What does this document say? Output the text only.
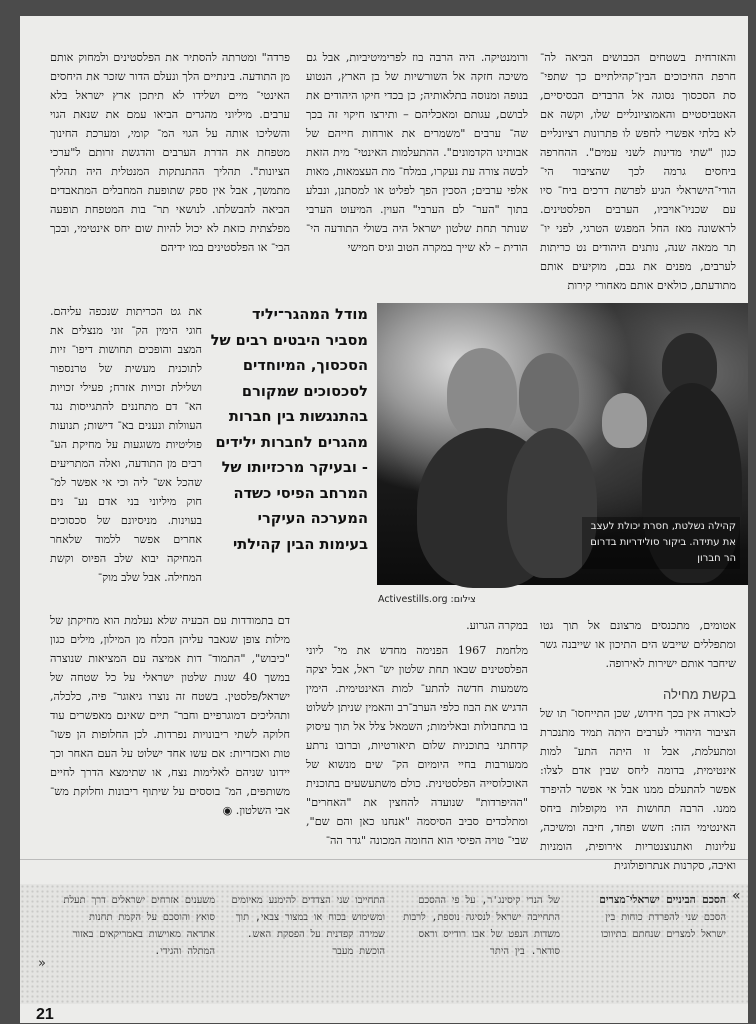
והאזרחית בשטחים הכבושים הביאה לה־ חרפת החיכוכים הבין־קהילתיים כך שתפי־ סת הסכסוך נסוגה אל הרבדים הבסיסיים, האטביסטיים והאמוציונליים שלו, וקשה אם לא בלתי אפשרי לחפש לו פתרונות רציונליים כגון "שתי מדינות לשני עמים". ההחרפה ביחסים גרמה לכך שהציבור הי־ הודי־הישראלי הגיע לפרשת דרכים ביח־ סיו עם שכניו־אויביו, הערבים הפלסטינים. לראשונה מאז החל המפגש הטרגי, לפני יו־ תר ממאה שנה, נותנים היהודים נט כריתות לערבים, מפנים את גבם, מוקיעים אותם מתודעתם, כולאים אותם מאחורי קירות

ורומנטיקה. היה הרבה בוז לפרימיטיביות, אבל גם משיכה חזקה אל השורשיות של בן הארץ, הנטוע בנופה ומנוסה בתלאותיה; כן בכדי חיקו היהודים את לבושם, עגותם ומאכליהם – ותירצו חיקוי זה בכך שה־ ערבים "משמרים את אורחות חייהם של אבותינו הקדמונים". ההתעלמות האינטי־ מית הזאת לבשה צורה עת נעקרו, במלח־ מת העצמאות, מאות אלפי ערבים; הסכין הפך לפליט או למסתנן, ונבלע בתוך "הער־ לם הערבי" העוין. המיעוט הערבי שנותר תחת שלטון ישראל היה בשולי התודעה הי־ הודית – לא שייך במקרה הטוב וגיס חמישי

פרדה" ומטרתה להסתיר את הפלסטינים ולמחוק אותם מן התודעה. בינתיים הלך ונעלם הדור שזכר את היחסים האינטי־ מיים ושלידו לא תיתכן ארץ ישראל בלא ערבים. מיליוני מהגרים הביאו עמם את שנאת הגוי והשליכו אותה על הגוי המ־ קומי, ומערכת החינוך מטפחת את הדרת הערבים והדגשת זרותם ל"ערכי הציונות". תהליך ההתנתקות המנטלית היה תהליך מתמשך, אבל אין ספק שתופעת המחבלים המתאבדים הביאה להבשלתו. לנושאי תר־ בות המטפחת תופעה מפלצתית כזאת לא יכול להיות שום יחס אינטימי, ובכך הבי־ או הפלסטינים במו ידיהם

את גט הכריתות שנכפה עליהם. חוגי הימין הק־ זוני מנצלים את המצב והופכים תחושות דיפו־ זיות לתוכנית מעשית של טרנספור ושלילת זכויות אזרח; פעילי זכויות הא־ דם מתחננים להתגייסות נגד העוולות ונענים בא־ דישות; תנועות פוליטיות משוגעות על מחיקת הע־ רבים מן התודעה, ואלה המתריעים שהכל אש־ ליה וכי אי אפשר למ־ חוק מיליוני בני אדם נע־ נים בעוינות. מניסיונם של סכסוכים אחרים אפשר ללמוד שלאחר המחיקה יבוא שלב הפיוס וקשת המחילה. אבל שלב מוק־

מודל המהגר־יליד מסביר היבטים רבים של הסכסוך, המיוחדים לסכסוכים שמקורם בהתנגשות בין חברות מהגרים לחברות ילידים - ובעיקר מרכזיותו של המרחב הפיסי כשדה המערכה העיקרי בעימות הבין קהילתי
קהילה נשלטת, חסרת יכולת לעצב את עתידה. ביקור סולידריות בדרום הר חברון
צילום: Activestills.org

אטומים, מתכנסים מרצונם אל תוך גטו ומתפללים שייבש הים התיכון או שייבנה גשר שיחבר אותם ישירות לאירופה.

בקשת מחילה

לכאורה אין בכך חידוש, שכן התייחסו־ תו של הציבור היהודי לערבים היתה תמיד מתנכרת ומתעלמת, אבל זו היתה התע־ למות אינטימית, בדומה ליחס שבין אדם לצלו: אפשר להתעלם ממנו אבל אי אפשר להיפרד ממנו. הרבה תחושות היו מקופלות ביחס האינטימי הזה: חשש ופחד, חיבה ומשיכה, עליונות ואתנוצנטריות אירופית, הומניות ואיבה, סקרנות אנתרופולוגית

במקרה הגרוע.

מלחמת 1967 הפנימה מחדש את מי־ ליוני הפלסטינים שבאו תחת שלטון יש־ ראל, אבל יצקה משמעות חדשה להתע־ למות האינטימית. הימין הדגיש את הבוז כלפי הערב־רב והאמין שניתן לשלוט בו בתחבולות ובאלימות; השמאל צלל אל תוך עיסוק קדחתני בתוכניות שלום תיאורטיות, וברובו נרתע ממעורבות בחיי היומיום הק־ שים מנשוא של האוכלוסייה הפלסטינית. כולם משתעשעים בתוכנית "ההיפרדות" שנועדה להחצין את "האחרים" ומתלכדים סביב הסיסמה "אנחנו כאן והם שם", שבי־ טויה הפיסי הוא החומה המכונה "גדר הה־

דם בתמודדות עם הבעיה שלא נעלמת הוא מחיקתן של מילות צופן שגאבר עליהן הכלח מן המילון, מילים כגון "כיבוש", "התמוד־ דות אמיצה עם המציאות שנוצרה במשך 40 שנות שלטון ישראלי על כל שטחה של ישראל/פלסטין. בשטח זה נוצרו גיאוגר־ פיה, כלכלה, ותהליכים דמוגרפיים וחבר־ תיים שאינם מאפשרים עוד חלוקה לשתי ריבונויות נפרדות. לכן החלופות הן פשו־ טות ואכזריות: אם עשו אחד ישלוט על העם האחר וכך יידונו שניהם לאלימות נצח, או שתימצא הדרך לחיים משותפים, המ־ בוססים על שיתוף ריבונות וחלוקת מש־ אבי השלטון. ◉

«
הסכם הביניים ישראלי־מצרים
הסכם שני להפרדת כוחות בין ישראל למצרים שנחתם בתיווכו
של הנרי קיסינג'ר, על פי ההסכם התחייבה ישראל לנסיגה נוספת, לרבות משדות הנפט של אבו רודייס וראס סודאר. בין היתר
התחייבו שני הצדדים להימנע מאיומים ומשימוש בכוח או במצור צבאי, תוך שמירה קפדנית על הפסקת האש. הוכשת מעבר
משענים אזרחים ישראלים דרך תעלת סואץ והוסכם על הקמת תחנות אתראה מאוישות באמריקאים באזור המתלה והגידי.
»
21
